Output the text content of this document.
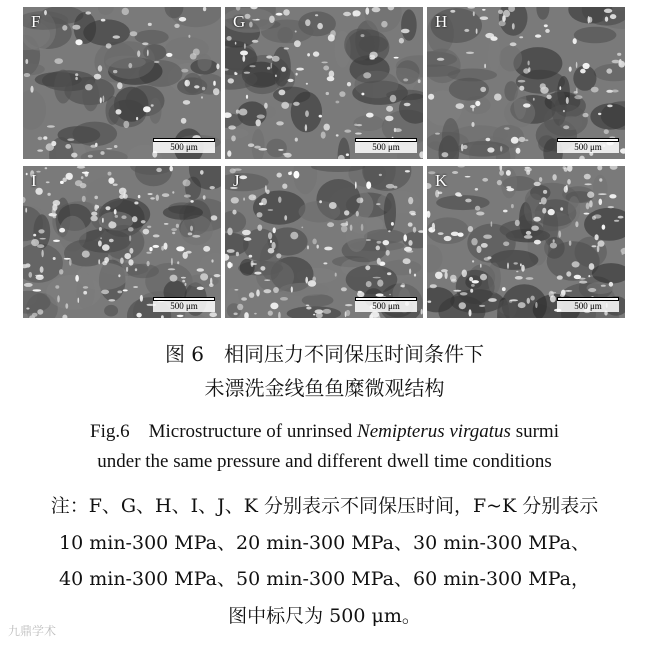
F
500 μm
G
500 μm
H
500 μm
I
500 μm
J
500 μm
K
500 μm
图 6　相同压力不同保压时间条件下
未漂洗金线鱼鱼糜微观结构
Fig.6　Microstructure of unrinsed Nemipterus virgatus surmi
under the same pressure and different dwell time conditions
注：F、G、H、I、J、K 分别表示不同保压时间，F~K 分别表示
10 min-300 MPa、20 min-300 MPa、30 min-300 MPa、
40 min-300 MPa、50 min-300 MPa、60 min-300 MPa，
图中标尺为 500 μm。
九鼎学术
